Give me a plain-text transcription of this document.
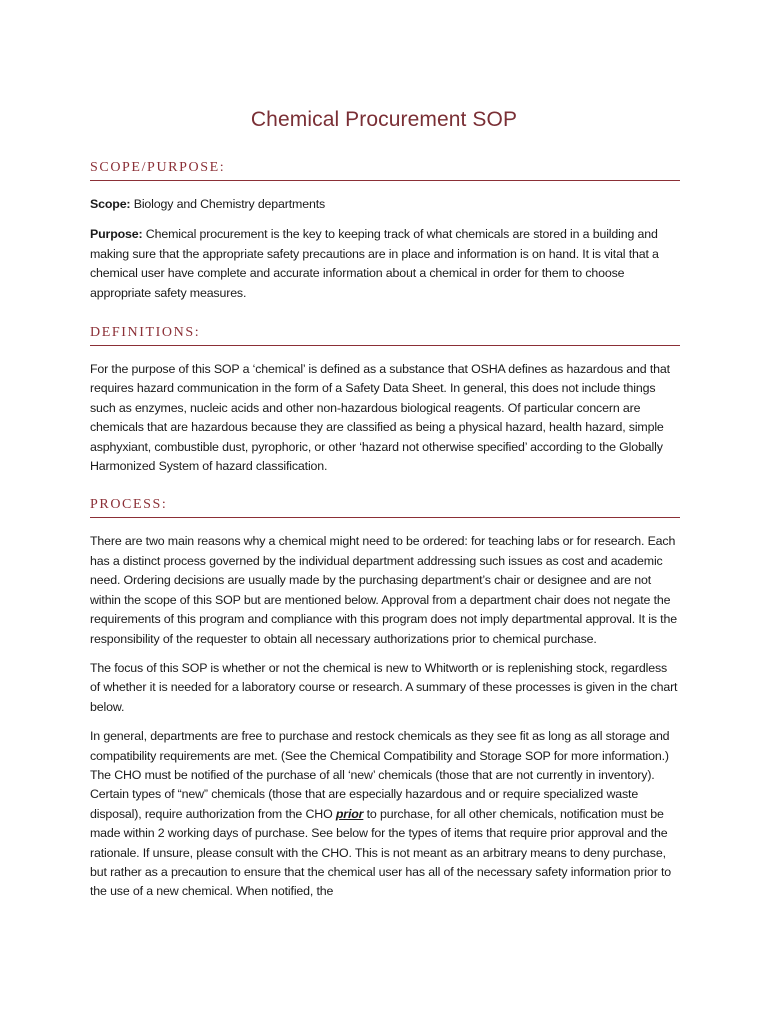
Chemical Procurement SOP
SCOPE/PURPOSE:

Scope: Biology and Chemistry departments

Purpose: Chemical procurement is the key to keeping track of what chemicals are stored in a building and making sure that the appropriate safety precautions are in place and information is on hand. It is vital that a chemical user have complete and accurate information about a chemical in order for them to choose appropriate safety measures.

DEFINITIONS:

For the purpose of this SOP a ‘chemical’ is defined as a substance that OSHA defines as hazardous and that requires hazard communication in the form of a Safety Data Sheet. In general, this does not include things such as enzymes, nucleic acids and other non-hazardous biological reagents. Of particular concern are chemicals that are hazardous because they are classified as being a physical hazard, health hazard, simple asphyxiant, combustible dust, pyrophoric, or other ‘hazard not otherwise specified’ according to the Globally Harmonized System of hazard classification.

PROCESS:

There are two main reasons why a chemical might need to be ordered: for teaching labs or for research. Each has a distinct process governed by the individual department addressing such issues as cost and academic need. Ordering decisions are usually made by the purchasing department’s chair or designee and are not within the scope of this SOP but are mentioned below. Approval from a department chair does not negate the requirements of this program and compliance with this program does not imply departmental approval. It is the responsibility of the requester to obtain all necessary authorizations prior to chemical purchase.

The focus of this SOP is whether or not the chemical is new to Whitworth or is replenishing stock, regardless of whether it is needed for a laboratory course or research. A summary of these processes is given in the chart below.

In general, departments are free to purchase and restock chemicals as they see fit as long as all storage and compatibility requirements are met. (See the Chemical Compatibility and Storage SOP for more information.) The CHO must be notified of the purchase of all ‘new’ chemicals (those that are not currently in inventory). Certain types of “new” chemicals (those that are especially hazardous and or require specialized waste disposal), require authorization from the CHO prior to purchase, for all other chemicals, notification must be made within 2 working days of purchase. See below for the types of items that require prior approval and the rationale. If unsure, please consult with the CHO. This is not meant as an arbitrary means to deny purchase, but rather as a precaution to ensure that the chemical user has all of the necessary safety information prior to the use of a new chemical. When notified, the
